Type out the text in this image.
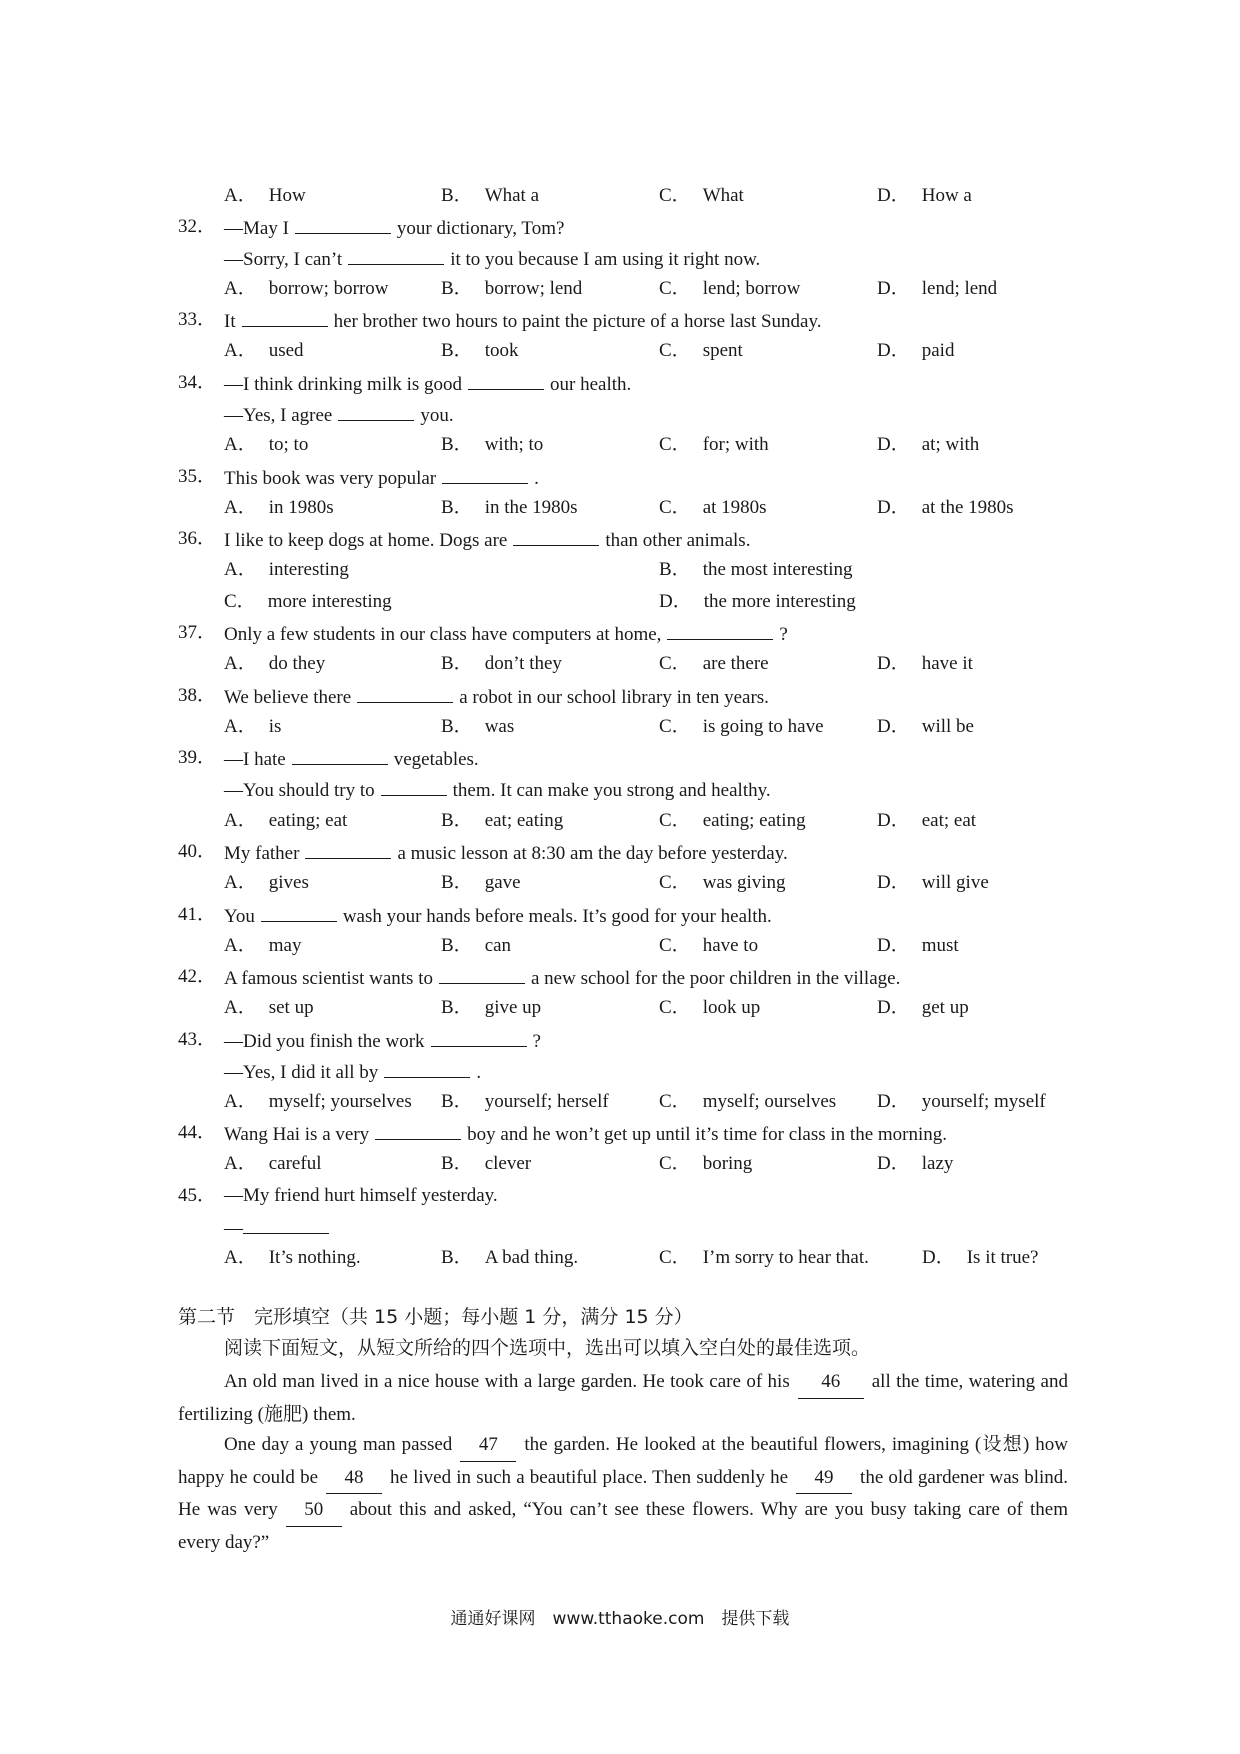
A． How	B． What a	C． What	D． How a
32． —May I	your dictionary, Tom?
—Sorry, I can’t	it to you because I am using it right now.
A． borrow; borrow	B． borrow; lend	C． lend; borrow	D． lend; lend
33． It	her brother two hours to paint the picture of a horse last Sunday.
A． used	B． took	C． spent	D． paid
34． —I think drinking milk is good	our health.
—Yes, I agree	you.
A． to; to	B． with; to	C． for; with	D． at; with
35． This book was very popular	.
A． in 1980s	B． in the 1980s	C． at 1980s	D． at the 1980s
36． I like to keep dogs at home. Dogs are	than other animals.
A． interesting	B． the most interesting
C． more interesting	D． the more interesting
37． Only a few students in our class have computers at home,	?
A． do they	B． don’t they	C． are there	D． have it
38． We believe there	a robot in our school library in ten years.
A． is	B． was	C． is going to have	D． will be
39． —I hate	vegetables.
—You should try to	them. It can make you strong and healthy.
A． eating; eat	B． eat; eating	C． eating; eating	D． eat; eat
40． My father	a music lesson at 8:30 am the day before yesterday.
A． gives	B． gave	C． was giving	D． will give
41． You	wash your hands before meals. It’s good for your health.
A． may	B． can	C． have to	D． must
42． A famous scientist wants to	a new school for the poor children in the village.
A． set up	B． give up	C． look up	D． get up
43． —Did you finish the work	?
—Yes, I did it all by	.
A． myself; yourselves B． yourself; herself	C． myself; ourselves D． yourself; myself
44． Wang Hai is a very	boy and he won’t get up until it’s time for class in the morning.
A． careful	B． clever	C． boring	D． lazy
45． —My friend hurt himself yesterday.
—
A． It’s nothing.	B． A bad thing.	C． I’m sorry to hear that.	D． Is it true?
第二节　完形填空（共 15 小题；每小题 1 分，满分 15 分）
阅读下面短文，从短文所给的四个选项中，选出可以填入空白处的最佳选项。
An old man lived in a nice house with a large garden. He took care of his 46 all the time, watering and fertilizing (施肥) them.
One day a young man passed 47 the garden. He looked at the beautiful flowers, imagining (设想) how happy he could be 48 he lived in such a beautiful place. Then suddenly he 49 the old gardener was blind. He was very 50 about this and asked, “You can’t see these flowers. Why are you busy taking care of them every day?”
通通好课网　www.tthaoke.com　提供下载
